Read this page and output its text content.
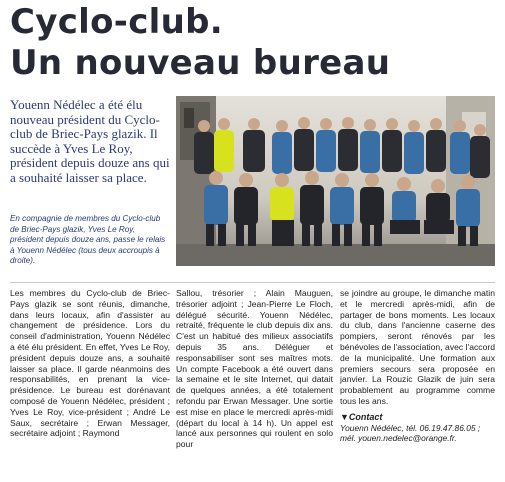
Cyclo-club.
Un nouveau bureau

Youenn Nédélec a été élu nouveau président du Cyclo-club de Briec-Pays glazik. Il succède à Yves Le Roy, président depuis douze ans qui a souhaité laisser sa place.

En compagnie de membres du Cyclo-club de Briec-Pays glazik, Yves Le Roy, président depuis douze ans, passe le relais à Youenn Nédélec (tous deux accroupis à droite).

Les membres du Cyclo-club de Briec-Pays glazik se sont réunis, dimanche, dans leurs locaux, afin d'assister au changement de présidence. Lors du conseil d'administration, Youenn Nédélec a été élu président. En effet, Yves Le Roy, président depuis douze ans, a souhaité laisser sa place. Il garde néanmoins des responsabilités, en prenant la vice-présidence. Le bureau est dorénavant composé de Youenn Nédélec, président ; Yves Le Roy, vice-président ; André Le Saux, secrétaire ; Erwan Messager, secrétaire adjoint ; Raymond

Sallou, trésorier ; Alain Mauguen, trésorier adjoint ; Jean-Pierre Le Floch, délégué sécurité. Youenn Nédélec, retraité, fréquente le club depuis dix ans. C'est un habitué des milieux associatifs depuis 35 ans. Déléguer et responsabiliser sont ses maîtres mots. Un compte Facebook a été ouvert dans la semaine et le site Internet, qui datait de quelques années, a été totalement refondu par Erwan Messager. Une sortie est mise en place le mercredi après-midi (départ du local à 14 h). Un appel est lancé aux personnes qui roulent en solo pour

se joindre au groupe, le dimanche matin et le mercredi après-midi, afin de partager de bons moments. Les locaux du club, dans l'ancienne caserne des pompiers, seront rénovés par les bénévoles de l'association, avec l'accord de la municipalité. Une formation aux premiers secours sera proposée en janvier. La Rouzic Glazik de juin sera probablement au programme comme tous les ans.

▼Contact

Youenn Nédélec, tél. 06.19.47.86.05 ;

mél. youen.nedelec@orange.fr.
